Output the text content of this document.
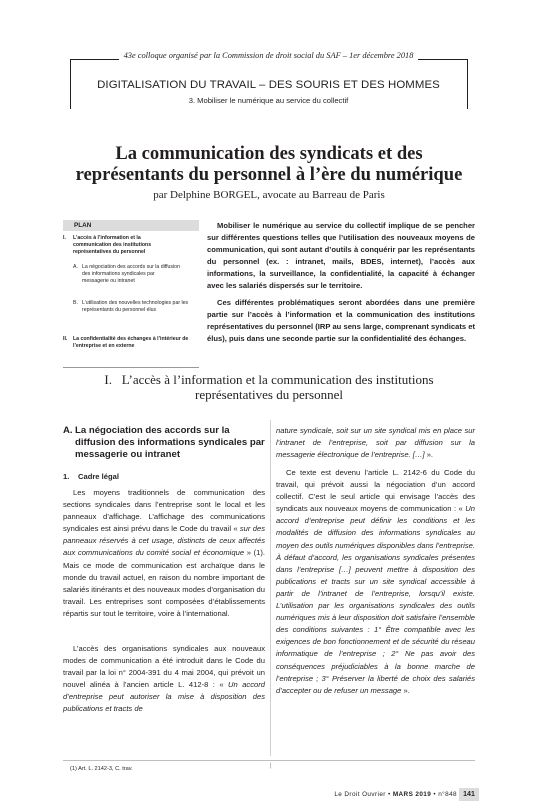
43e colloque organisé par la Commission de droit social du SAF – 1er décembre 2018
DIGITALISATION DU TRAVAIL – DES SOURIS ET DES HOMMES
3. Mobiliser le numérique au service du collectif
La communication des syndicats et des
représentants du personnel à l’ère du numérique
par Delphine BORGEL, avocate au Barreau de Paris
PLAN
I. L’accès à l’information et la communication des institutions représentatives du personnel
A. La négociation des accords sur la diffusion des informations syndicales par messagerie ou intranet
B. L’utilisation des nouvelles technologies par les représentants du personnel élus
II. La confidentialité des échanges à l’intérieur de l’entreprise et en externe
Mobiliser le numérique au service du collectif implique de se pencher sur différentes questions telles que l’utilisation des nouveaux moyens de communication, qui sont autant d’outils à conquérir par les représentants du personnel (ex. : intranet, mails, BDES, internet), l’accès aux informations, la surveillance, la confidentialité, la capacité à échanger avec les salariés dispersés sur le territoire.
Ces différentes problématiques seront abordées dans une première partie sur l’accès à l’information et la communication des institutions représentatives du personnel (IRP au sens large, comprenant syndicats et élus), puis dans une seconde partie sur la confidentialité des échanges.
I.   L’accès à l’information et la communication des institutions
représentatives du personnel
A. La négociation des accords sur la diffusion des informations syndicales par messagerie ou intranet
1. Cadre légal
Les moyens traditionnels de communication des sections syndicales dans l’entreprise sont le local et les panneaux d’affichage. L’affichage des communications syndicales est ainsi prévu dans le Code du travail « sur des panneaux réservés à cet usage, distincts de ceux affectés aux communications du comité social et économique » (1). Mais ce mode de communication est archaïque dans le monde du travail actuel, en raison du nombre important de salariés itinérants et des nouveaux modes d’organisation du travail. Les entreprises sont composées d’établissements répartis sur tout le territoire, voire à l’international.
L’accès des organisations syndicales aux nouveaux modes de communication a été introduit dans le Code du travail par la loi n° 2004-391 du 4 mai 2004, qui prévoit un nouvel alinéa à l’ancien article L. 412-8 : « Un accord d’entreprise peut autoriser la mise à disposition des publications et tracts de
nature syndicale, soit sur un site syndical mis en place sur l’intranet de l’entreprise, soit par diffusion sur la messagerie électronique de l’entreprise. […] ».
Ce texte est devenu l’article L. 2142-6 du Code du travail, qui prévoit aussi la négociation d’un accord collectif. C’est le seul article qui envisage l’accès des syndicats aux nouveaux moyens de communication : « Un accord d’entreprise peut définir les conditions et les modalités de diffusion des informations syndicales au moyen des outils numériques disponibles dans l’entreprise. À défaut d’accord, les organisations syndicales présentes dans l’entreprise […] peuvent mettre à disposition des publications et tracts sur un site syndical accessible à partir de l’intranet de l’entreprise, lorsqu’il existe. L’utilisation par les organisations syndicales des outils numériques mis à leur disposition doit satisfaire l’ensemble des conditions suivantes : 1° Être compatible avec les exigences de bon fonctionnement et de sécurité du réseau informatique de l’entreprise ; 2° Ne pas avoir des conséquences préjudiciables à la bonne marche de l’entreprise ; 3° Préserver la liberté de choix des salariés d’accepter ou de refuser un message ».
(1) Art. L. 2142-3, C. trav.	|
Le Droit Ouvrier • MARS 2019 • n°848 141
